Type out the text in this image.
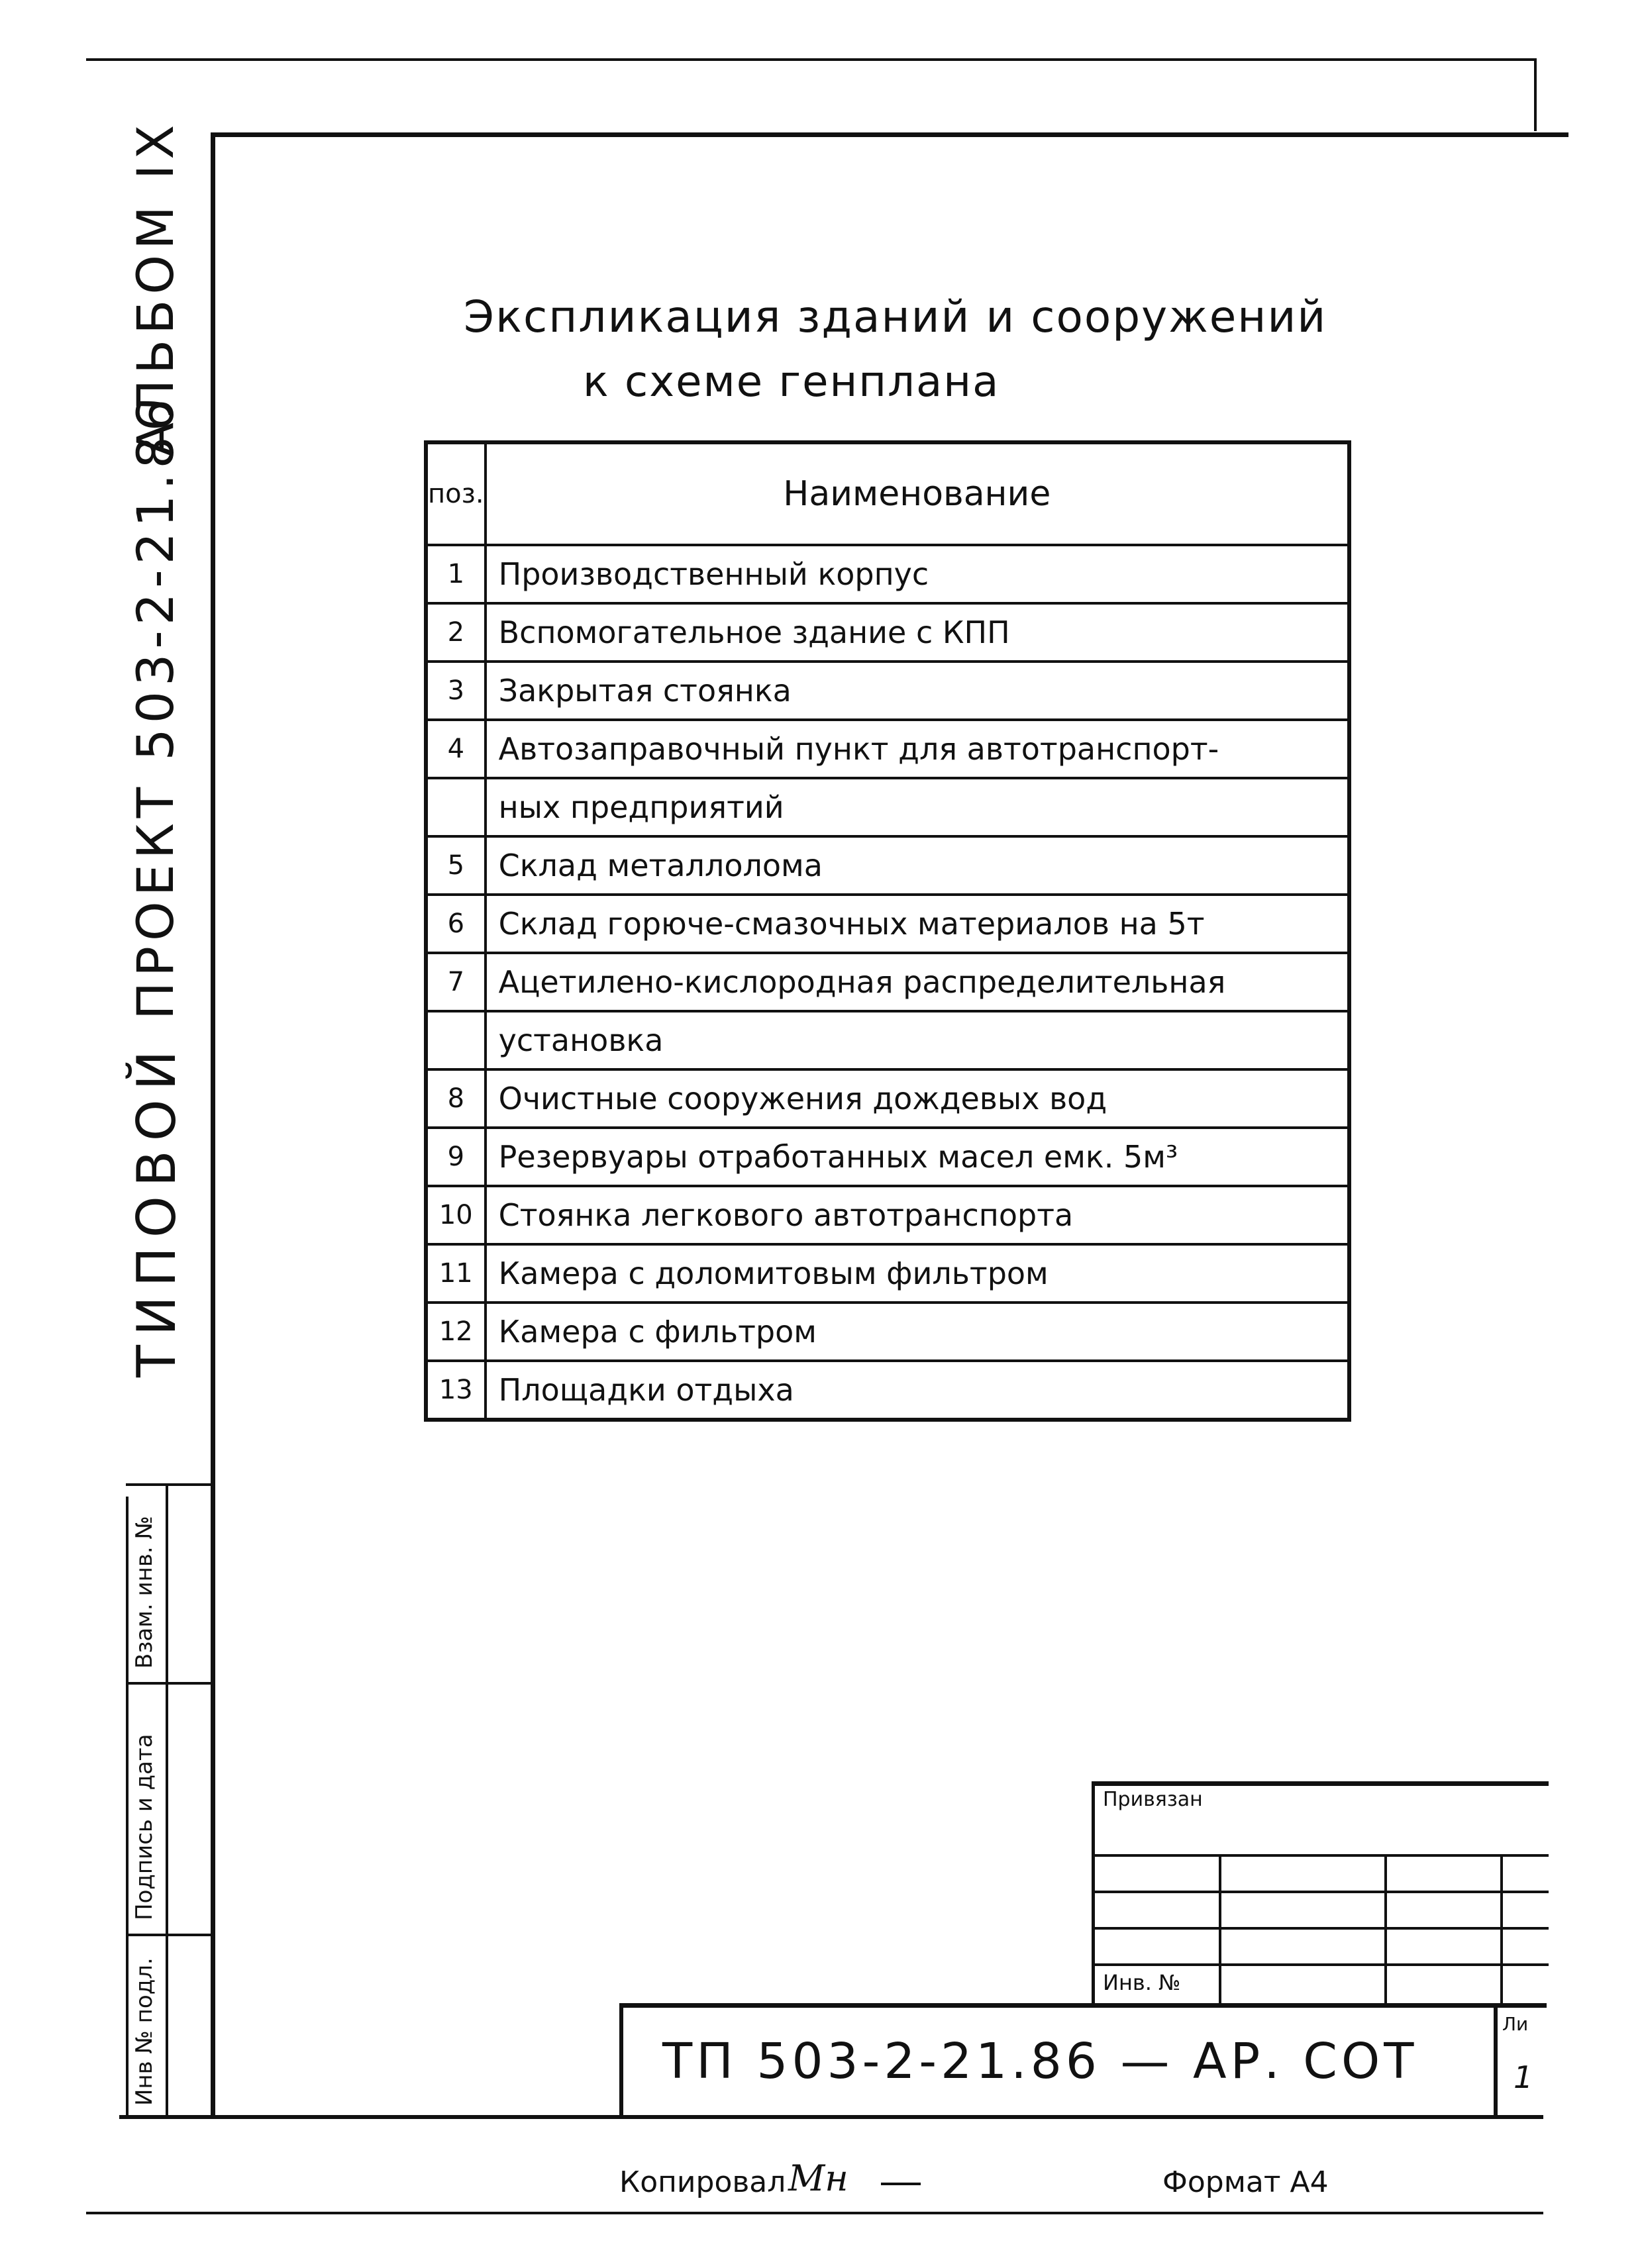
АЛЬБОМ IX
ПРОЕКТ 503-2-21.86
ТИПОВОЙ
Взам. инв. №
Подпись и дата
Инв № подл.
Экспликация зданий и сооружений
к схеме генплана
поз.	Наименование
1	Производственный корпус
2	Вспомогательное здание с КПП
3	Закрытая стоянка
4	Автозаправочный пункт для автотранспорт-
	ных предприятий
5	Склад металлолома
6	Склад горюче-смазочных материалов на 5т
7	Ацетилено-кислородная распределительная
	установка
8	Очистные сооружения дождевых вод
9	Резервуары отработанных масел емк. 5м³
10	Стоянка легкового автотранспорта
11	Камера с доломитовым фильтром
12	Камера с фильтром
13	Площадки отдыха
Привязан
Инв. №
ТП 503-2-21.86 — АР. СОТ
Ли
1
Копировал Мн	Формат А4
